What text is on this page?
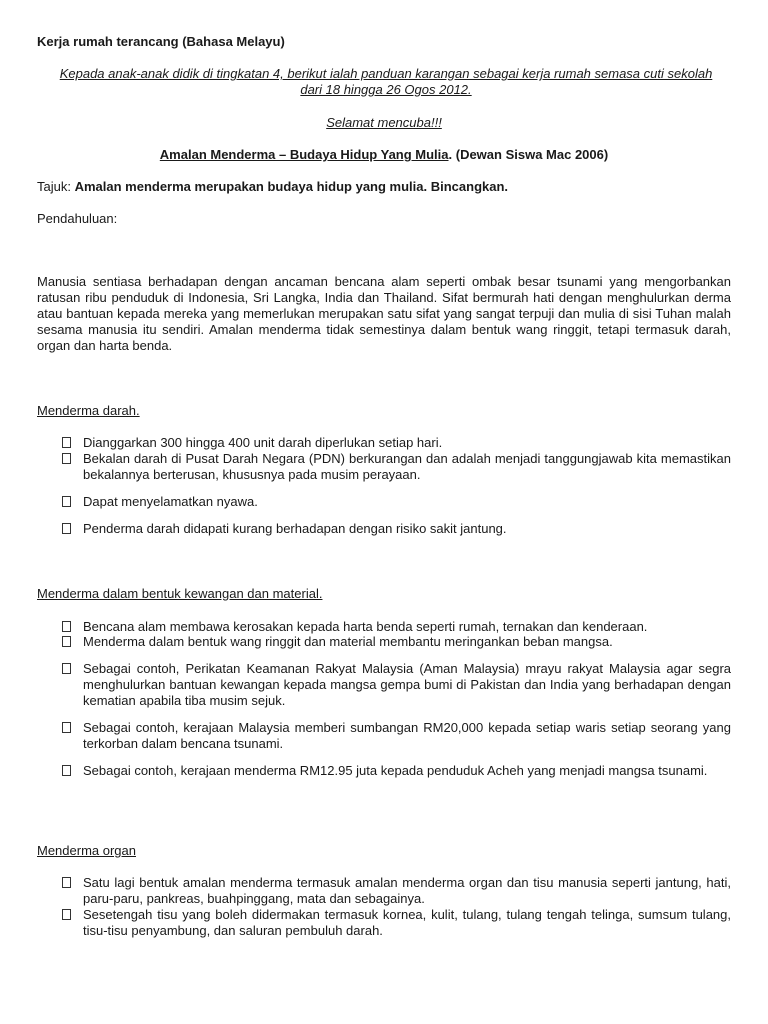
Kerja rumah terancang (Bahasa Melayu)

Kepada anak-anak didik di tingkatan 4, berikut ialah panduan karangan sebagai kerja rumah semasa cuti sekolah dari 18 hingga 26 Ogos 2012.

Selamat mencuba!!!

Amalan Menderma – Budaya Hidup Yang Mulia. (Dewan Siswa Mac 2006)

Tajuk: Amalan menderma merupakan budaya hidup yang mulia. Bincangkan.

Pendahuluan:

Manusia sentiasa berhadapan dengan ancaman bencana alam seperti ombak besar tsunami yang mengorbankan ratusan ribu penduduk di Indonesia, Sri Langka, India dan Thailand. Sifat bermurah hati dengan menghulurkan derma atau bantuan kepada mereka yang memerlukan merupakan satu sifat yang sangat terpuji dan mulia di sisi Tuhan malah sesama manusia itu sendiri. Amalan menderma tidak semestinya dalam bentuk wang ringgit, tetapi termasuk darah, organ dan harta benda.

Menderma darah.

Dianggarkan 300 hingga 400 unit darah diperlukan setiap hari.
Bekalan darah di Pusat Darah Negara (PDN) berkurangan dan adalah menjadi tanggungjawab kita memastikan bekalannya berterusan, khususnya pada musim perayaan.
Dapat menyelamatkan nyawa.
Penderma darah didapati kurang berhadapan dengan risiko sakit jantung.

Menderma dalam bentuk kewangan dan material.

Bencana alam membawa kerosakan kepada harta benda seperti rumah, ternakan dan kenderaan.
Menderma dalam bentuk wang ringgit dan material membantu meringankan beban mangsa.
Sebagai contoh, Perikatan Keamanan Rakyat Malaysia (Aman Malaysia) mrayu rakyat Malaysia agar segra menghulurkan bantuan kewangan kepada mangsa gempa bumi di Pakistan dan India yang berhadapan dengan kematian apabila tiba musim sejuk.
Sebagai contoh, kerajaan Malaysia memberi sumbangan RM20,000 kepada setiap waris setiap seorang yang terkorban dalam bencana tsunami.
Sebagai contoh, kerajaan menderma RM12.95 juta kepada penduduk Acheh yang menjadi mangsa tsunami.

Menderma organ

Satu lagi bentuk amalan menderma termasuk amalan menderma organ dan tisu manusia seperti jantung, hati, paru-paru, pankreas, buahpinggang, mata dan sebagainya.
Sesetengah tisu yang boleh didermakan termasuk kornea, kulit, tulang, tulang tengah telinga, sumsum tulang, tisu-tisu penyambung, dan saluran pembuluh darah.
